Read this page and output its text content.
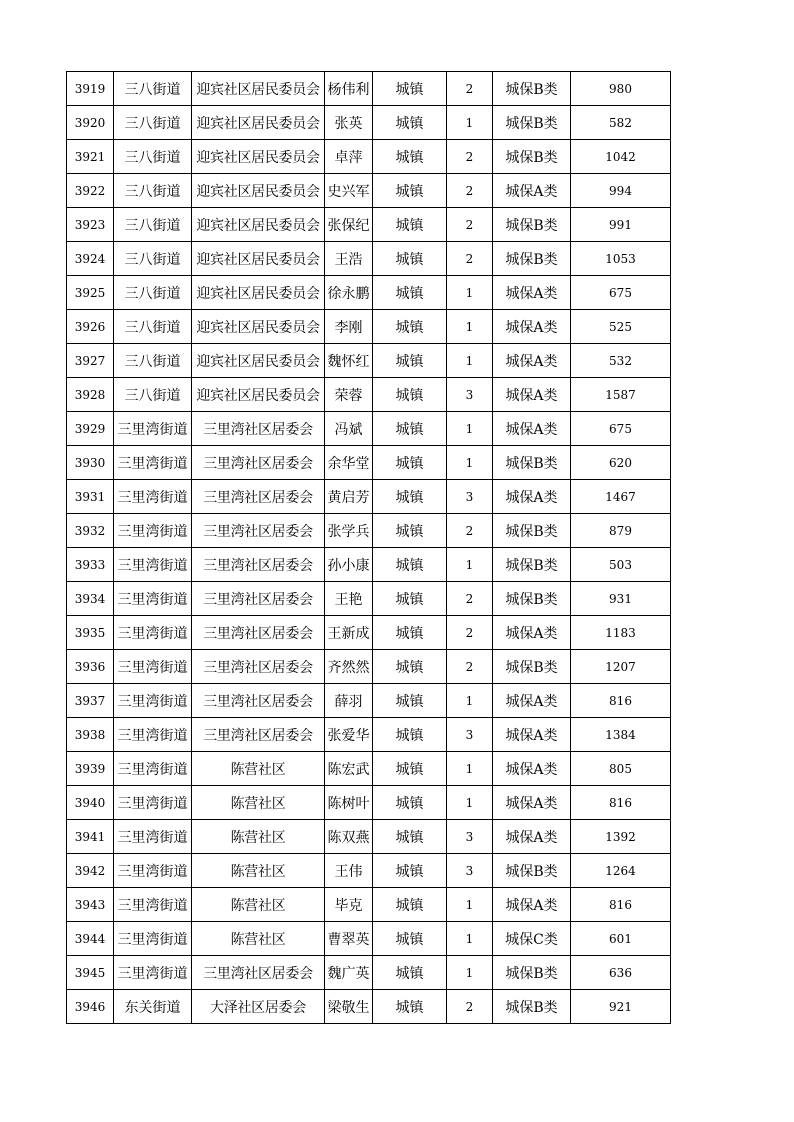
3919	三八街道	迎宾社区居民委员会	杨伟利	城镇	2	城保B类	980
3920	三八街道	迎宾社区居民委员会	张英	城镇	1	城保B类	582
3921	三八街道	迎宾社区居民委员会	卓萍	城镇	2	城保B类	1042
3922	三八街道	迎宾社区居民委员会	史兴军	城镇	2	城保A类	994
3923	三八街道	迎宾社区居民委员会	张保纪	城镇	2	城保B类	991
3924	三八街道	迎宾社区居民委员会	王浩	城镇	2	城保B类	1053
3925	三八街道	迎宾社区居民委员会	徐永鹏	城镇	1	城保A类	675
3926	三八街道	迎宾社区居民委员会	李刚	城镇	1	城保A类	525
3927	三八街道	迎宾社区居民委员会	魏怀红	城镇	1	城保A类	532
3928	三八街道	迎宾社区居民委员会	荣蓉	城镇	3	城保A类	1587
3929	三里湾街道	三里湾社区居委会	冯斌	城镇	1	城保A类	675
3930	三里湾街道	三里湾社区居委会	余华堂	城镇	1	城保B类	620
3931	三里湾街道	三里湾社区居委会	黄启芳	城镇	3	城保A类	1467
3932	三里湾街道	三里湾社区居委会	张学兵	城镇	2	城保B类	879
3933	三里湾街道	三里湾社区居委会	孙小康	城镇	1	城保B类	503
3934	三里湾街道	三里湾社区居委会	王艳	城镇	2	城保B类	931
3935	三里湾街道	三里湾社区居委会	王新成	城镇	2	城保A类	1183
3936	三里湾街道	三里湾社区居委会	齐然然	城镇	2	城保B类	1207
3937	三里湾街道	三里湾社区居委会	薛羽	城镇	1	城保A类	816
3938	三里湾街道	三里湾社区居委会	张爱华	城镇	3	城保A类	1384
3939	三里湾街道	陈营社区	陈宏武	城镇	1	城保A类	805
3940	三里湾街道	陈营社区	陈树叶	城镇	1	城保A类	816
3941	三里湾街道	陈营社区	陈双燕	城镇	3	城保A类	1392
3942	三里湾街道	陈营社区	王伟	城镇	3	城保B类	1264
3943	三里湾街道	陈营社区	毕克	城镇	1	城保A类	816
3944	三里湾街道	陈营社区	曹翠英	城镇	1	城保C类	601
3945	三里湾街道	三里湾社区居委会	魏广英	城镇	1	城保B类	636
3946	东关街道	大泽社区居委会	梁敬生	城镇	2	城保B类	921
